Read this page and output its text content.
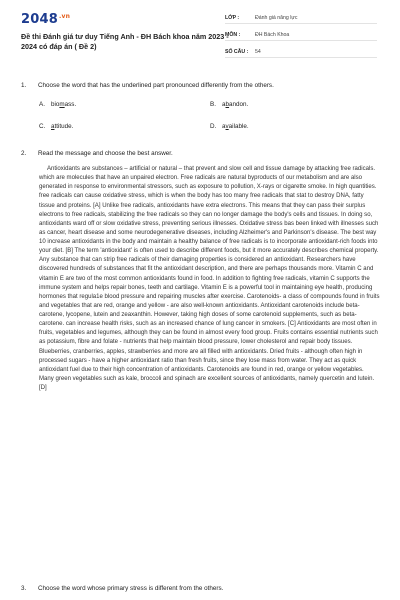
$2048^{.vn}$
Đề thi Đánh giá tư duy Tiếng Anh - ĐH Bách khoa năm 2023 - 2024 có đáp án ( Đề 2)
LỚP :	Đánh giá năng lực
MÔN :	ĐH Bách Khoa
SỐ CÂU :	54
1. Choose the word that has the underlined part pronounced differently from the others.
A. biomass.	B. abandon.
C. attitude.	D. available.
2. Read the message and choose the best answer.

Antioxidants are substances – artificial or natural – that prevent and slow cell and tissue damage by attacking free radicals. which are molecules that have an unpaired electron. Free radicals are natural byproducts of our metabolism and are also generated in response to environmental stressors, such as exposure to pollution, X-rays or cigarette smoke. In high quantities. free radicals can cause oxidative stress, which is when the body has too many free radicals that stat to destroy DNA, fatty tissue and proteins. [A] Unlike free radicals, antioxidants have extra electrons. This means that they can pass their surplus electrons to free radicals, stabilizing the free radicals so they can no longer damage the body's cells and tissues. In doing so, antioxidants ward off or slow oxidative stress, preventing serious illnesses. Oxidative stress bas been linked with illnesses such as cancer, heart disease and some neurodegenerative diseases, including Alzheimer's and Parkinson's disease. The best way 10 increase antioxidants in the body and maintain a healthy balance of free radicals is to incorporate antioxidant-rich foods into your diet. [B] The term 'antioxidant' is often used to describe different foods, but it more accurately describes chemical property. Any substance that can strip free radicals of their damaging properties is considered an antioxidant. Researchers have discovered hundreds of substances that fit the antioxidant description, and there are perhaps thousands more. Vitamin C and vitamin E are two of the most common antioxidants found in food. In addition to fighting free radicals, vitamin C supports the immune system and helps repair bones, teeth and cartilage. Vitamin E is a powerful tool in maintaining eye health, producing hormones that regula1e blood pressure and repairing muscles after exercise. Carotenoids- a class of compounds found in fruits and vegetables that are red, orange and yellow - are also well-known antioxidants. Antioxidant carotenoids include beta-carotene, lycopene, lutein and zeaxanthin. However, taking high doses of some carotenoid supplements, such as beta-carotene. can increase health risks, such as an increased chance of lung cancer in smokers. [C] Antioxidants are most often in fruits, vegetables and legumes, although they can be found in almost every food group. Fruits contains essential nutrients such as potassium, fibre and folate - nutrients that help maintain blood pressure, lower cholesterol and repair body tissues. Blueberries, cranberries, apples, strawberries and more are all filled with antioxidants. Dried fruits - although often high in processed sugars - have a higher antioxidant ratio than fresh fruits, since they lose mass from water. They act as quick antioxidant fuel due to their high concentration of antioxidants. Carotenoids are found in red, orange or yellow vegetables. Many green vegetables such as kale, broccoli and spinach are excellent sources of antioxidants, namely quercetin and lutein. [D]

3. Choose the word whose primary stress is different from the others.
